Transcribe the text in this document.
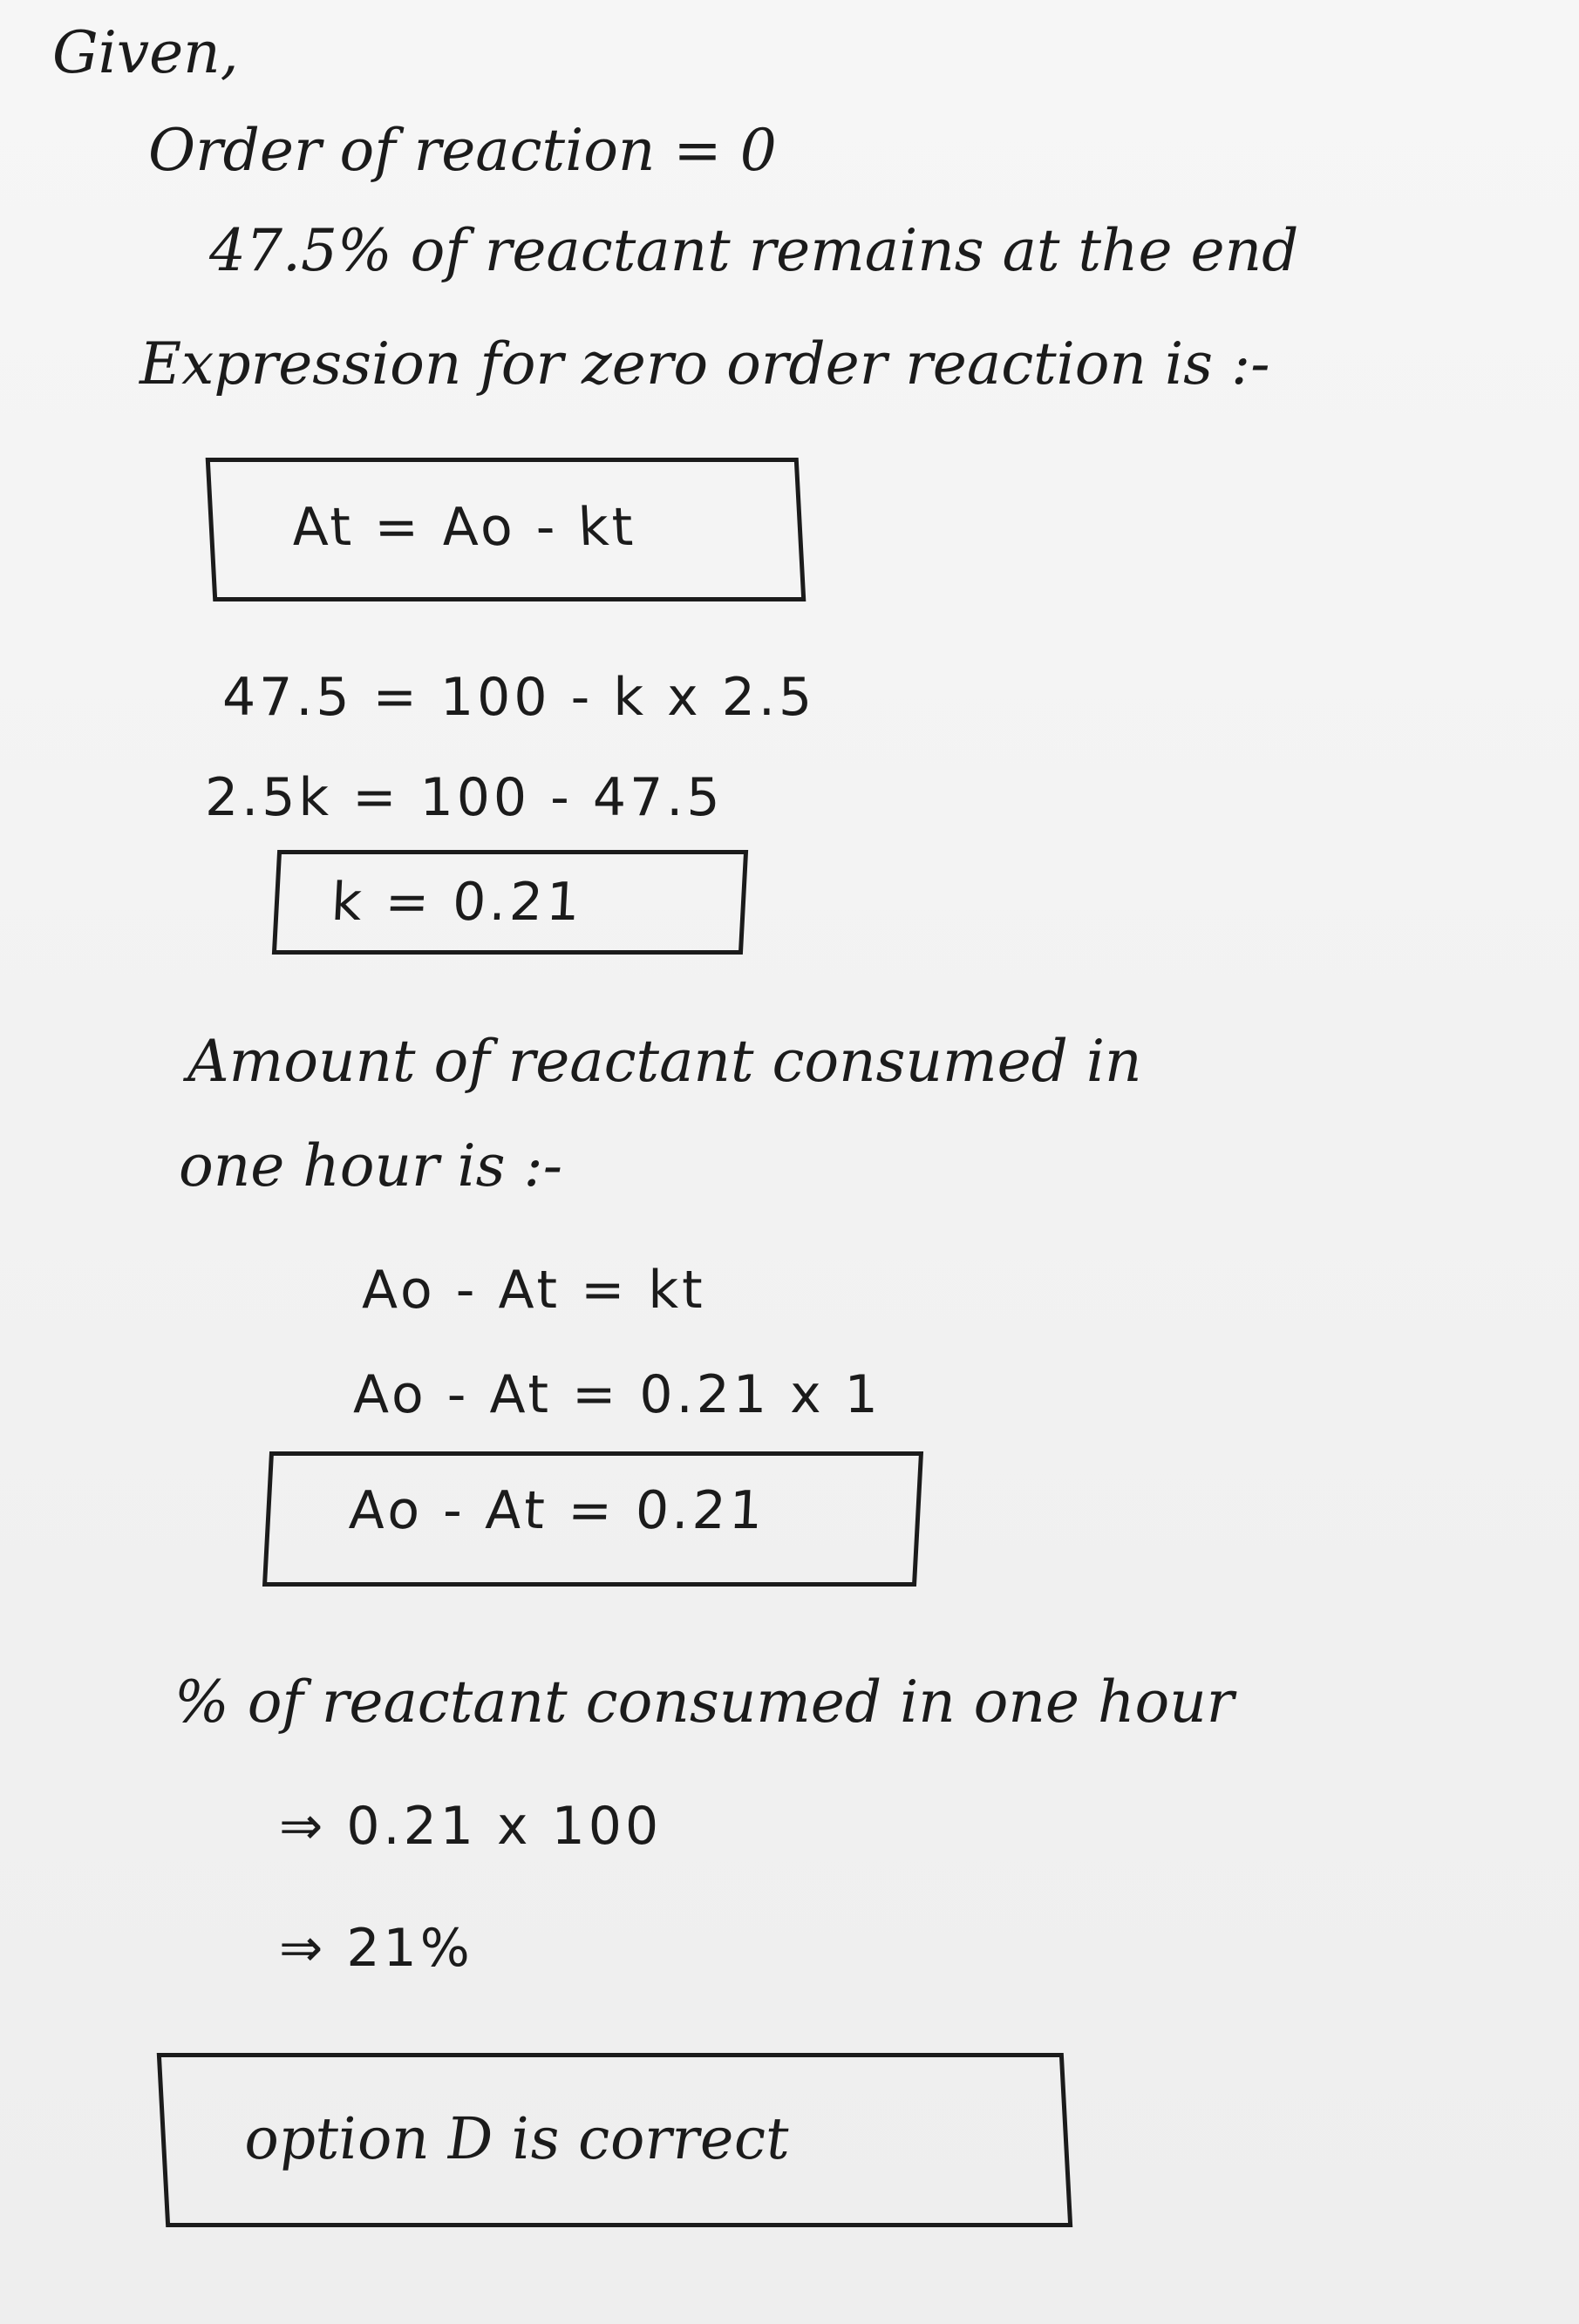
Given,
Order of reaction = 0
47.5% of reactant remains at the end
Expression for zero order reaction is :-
At = Ao - kt
47.5 = 100 - k x 2.5
2.5k = 100 - 47.5
k = 0.21
Amount of reactant consumed in
one hour is :-
Ao - At = kt
Ao - At = 0.21 x 1
Ao - At = 0.21
% of reactant consumed in one hour
⇒ 0.21 x 100
⇒ 21%
option D is correct
